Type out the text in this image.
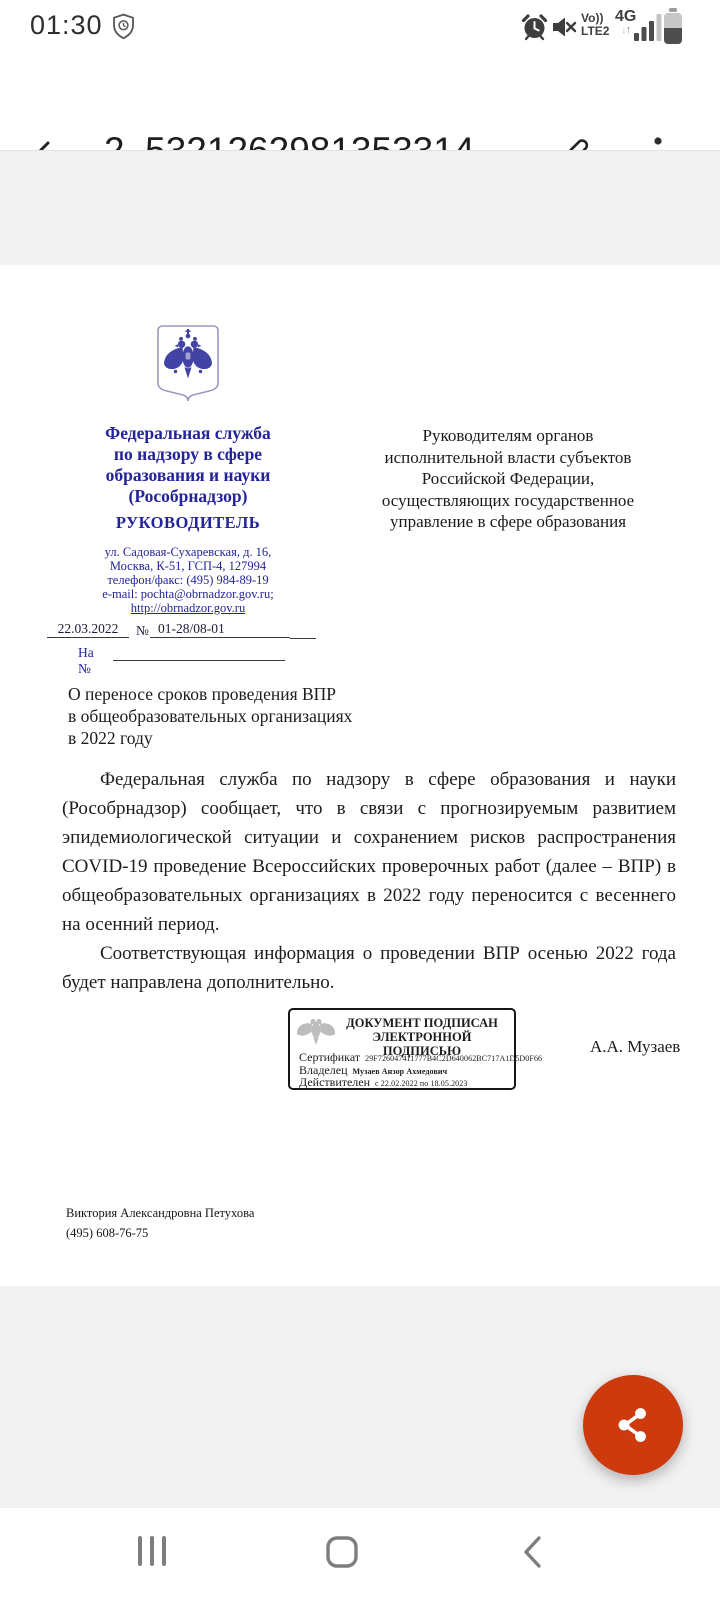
01:30	Vo))
LTE2
4G
↓↑
Федеральная служба
по надзору в сфере
образования и науки
(Рособрнадзор)
РУКОВОДИТЕЛЬ
ул. Садовая-Сухаревская, д. 16,
Москва, К-51, ГСП-4, 127994
телефон/факс: (495) 984-89-19
e-mail: pochta@obrnadzor.gov.ru;
http://obrnadzor.gov.ru
Руководителям органов
исполнительной власти субъектов
Российской Федерации,
осуществляющих государственное
управление в сфере образования
22.03.2022	№ 01-28/08-01
На №
О переносе сроков проведения ВПР
в общеобразовательных организациях
в 2022 году

Федеральная служба по надзору в сфере образования и науки (Рособрнадзор) сообщает, что в связи с прогнозируемым развитием эпидемиологической ситуации и сохранением рисков распространения COVID-19 проведение Всероссийских проверочных работ (далее – ВПР) в общеобразовательных организациях в 2022 году переносится с весеннего на осенний период.

Соответствующая информация о проведении ВПР осенью 2022 года будет направлена дополнительно.

ДОКУМЕНТ ПОДПИСАН
ЭЛЕКТРОННОЙ ПОДПИСЬЮ
Сертификат 29F726047411777B4C2D640062BC717A1D5D0F66
Владелец Музаев Анзор Ахмедович
Действителен с 22.02.2022 по 18.05.2023
А.А. Музаев
Виктория Александровна Петухова
(495) 608-76-75
